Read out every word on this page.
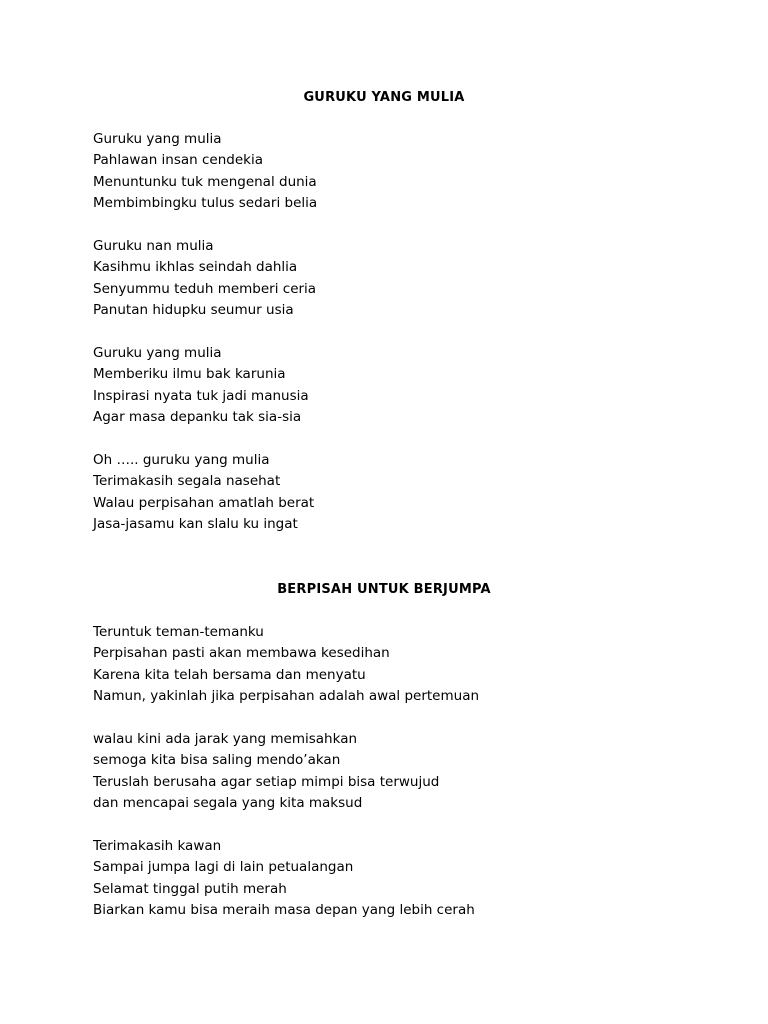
GURUKU YANG MULIA
Guruku yang mulia
Pahlawan insan cendekia
Menuntunku tuk mengenal dunia
Membimbingku tulus sedari belia
Guruku nan mulia
Kasihmu ikhlas seindah dahlia
Senyummu teduh memberi ceria
Panutan hidupku seumur usia
Guruku yang mulia
Memberiku ilmu bak karunia
Inspirasi nyata tuk jadi manusia
Agar masa depanku tak sia-sia
Oh ….. guruku yang mulia
Terimakasih segala nasehat
Walau perpisahan amatlah berat
Jasa-jasamu kan slalu ku ingat
BERPISAH UNTUK BERJUMPA
Teruntuk teman-temanku
Perpisahan pasti akan membawa kesedihan
Karena kita telah bersama dan menyatu
Namun, yakinlah jika perpisahan adalah awal pertemuan
walau kini ada jarak yang memisahkan
semoga kita bisa saling mendo’akan
Teruslah berusaha agar setiap mimpi bisa terwujud
dan mencapai segala yang kita maksud
Terimakasih kawan
Sampai jumpa lagi di lain petualangan
Selamat tinggal putih merah
Biarkan kamu bisa meraih masa depan yang lebih cerah
